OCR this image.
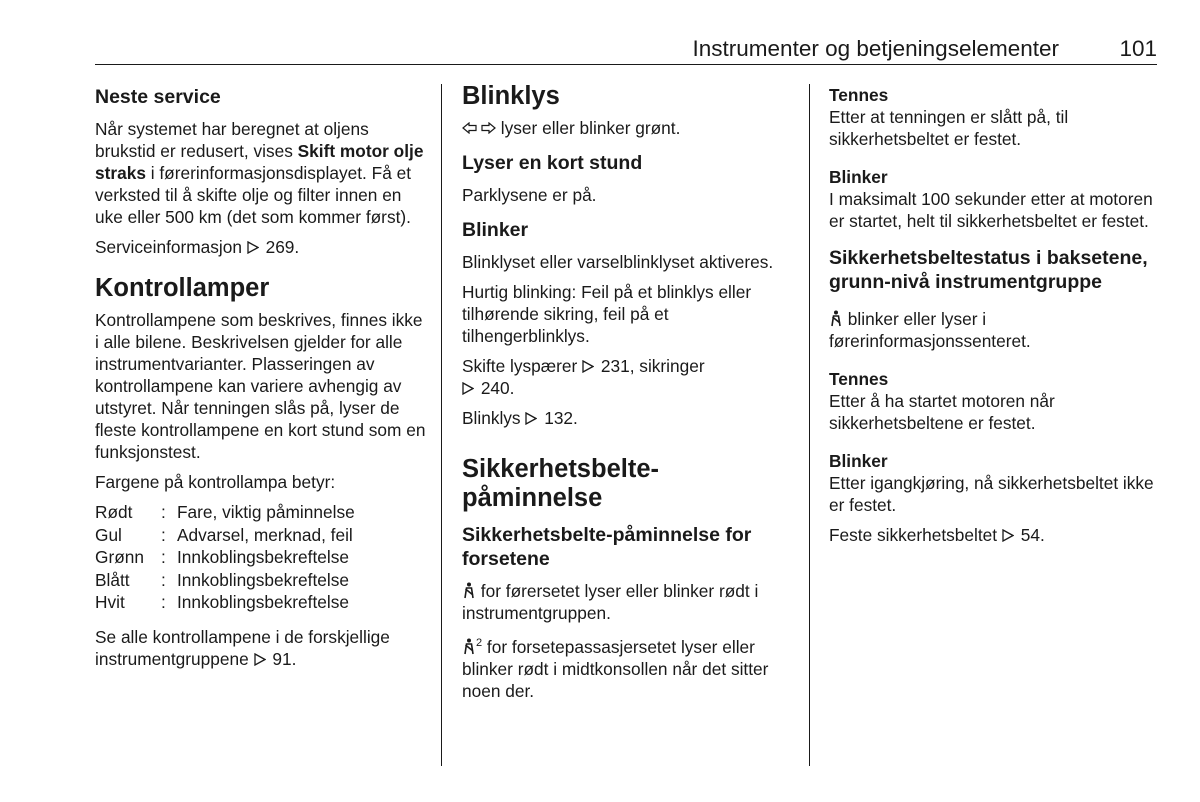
Instrumenter og betjeningselementer	101
Neste service

Når systemet har beregnet at oljens brukstid er redusert, vises Skift motor olje straks i førerinformasjonsdisplayet. Få et verksted til å skifte olje og filter innen en uke eller 500 km (det som kommer først).

Serviceinformasjon 269.

Kontrollamper

Kontrollampene som beskrives, finnes ikke i alle bilene. Beskrivelsen gjelder for alle instrumentvarianter. Plasseringen av kontrollampene kan variere avhengig av utstyret. Når tenningen slås på, lyser de fleste kontrollampene en kort stund som en funksjonstest.

Fargene på kontrollampa betyr:

Rødt	: Fare, viktig påminnelse
Gul	: Advarsel, merknad, feil
Grønn : Innkoblingsbekreftelse
Blått	: Innkoblingsbekreftelse
Hvit	: Innkoblingsbekreftelse

Se alle kontrollampene i de forskjellige instrumentgruppene 91.

Blinklys

lyser eller blinker grønt.

Lyser en kort stund

Parklysene er på.

Blinker

Blinklyset eller varselblinklyset aktiveres.

Hurtig blinking: Feil på et blinklys eller tilhørende sikring, feil på et tilhengerblinklys.

Skifte lyspærer 231, sikringer
240.

Blinklys 132.

Sikkerhetsbelte-
påminnelse
Sikkerhetsbelte-påminnelse for forsetene

for førersetet lyser eller blinker rødt i instrumentgruppen.

$^2$ for forsetepassasjersetet lyser eller blinker rødt i midtkonsollen når det sitter noen der.

Tennes

Etter at tenningen er slått på, til sikkerhetsbeltet er festet.

Blinker

I maksimalt 100 sekunder etter at motoren er startet, helt til sikkerhetsbeltet er festet.

Sikkerhetsbeltestatus i baksetene, grunn-nivå instrumentgruppe

blinker eller lyser i førerinformasjonssenteret.

Tennes

Etter å ha startet motoren når sikkerhetsbeltene er festet.

Blinker

Etter igangkjøring, nå sikkerhetsbeltet ikke er festet.

Feste sikkerhetsbeltet 54.
